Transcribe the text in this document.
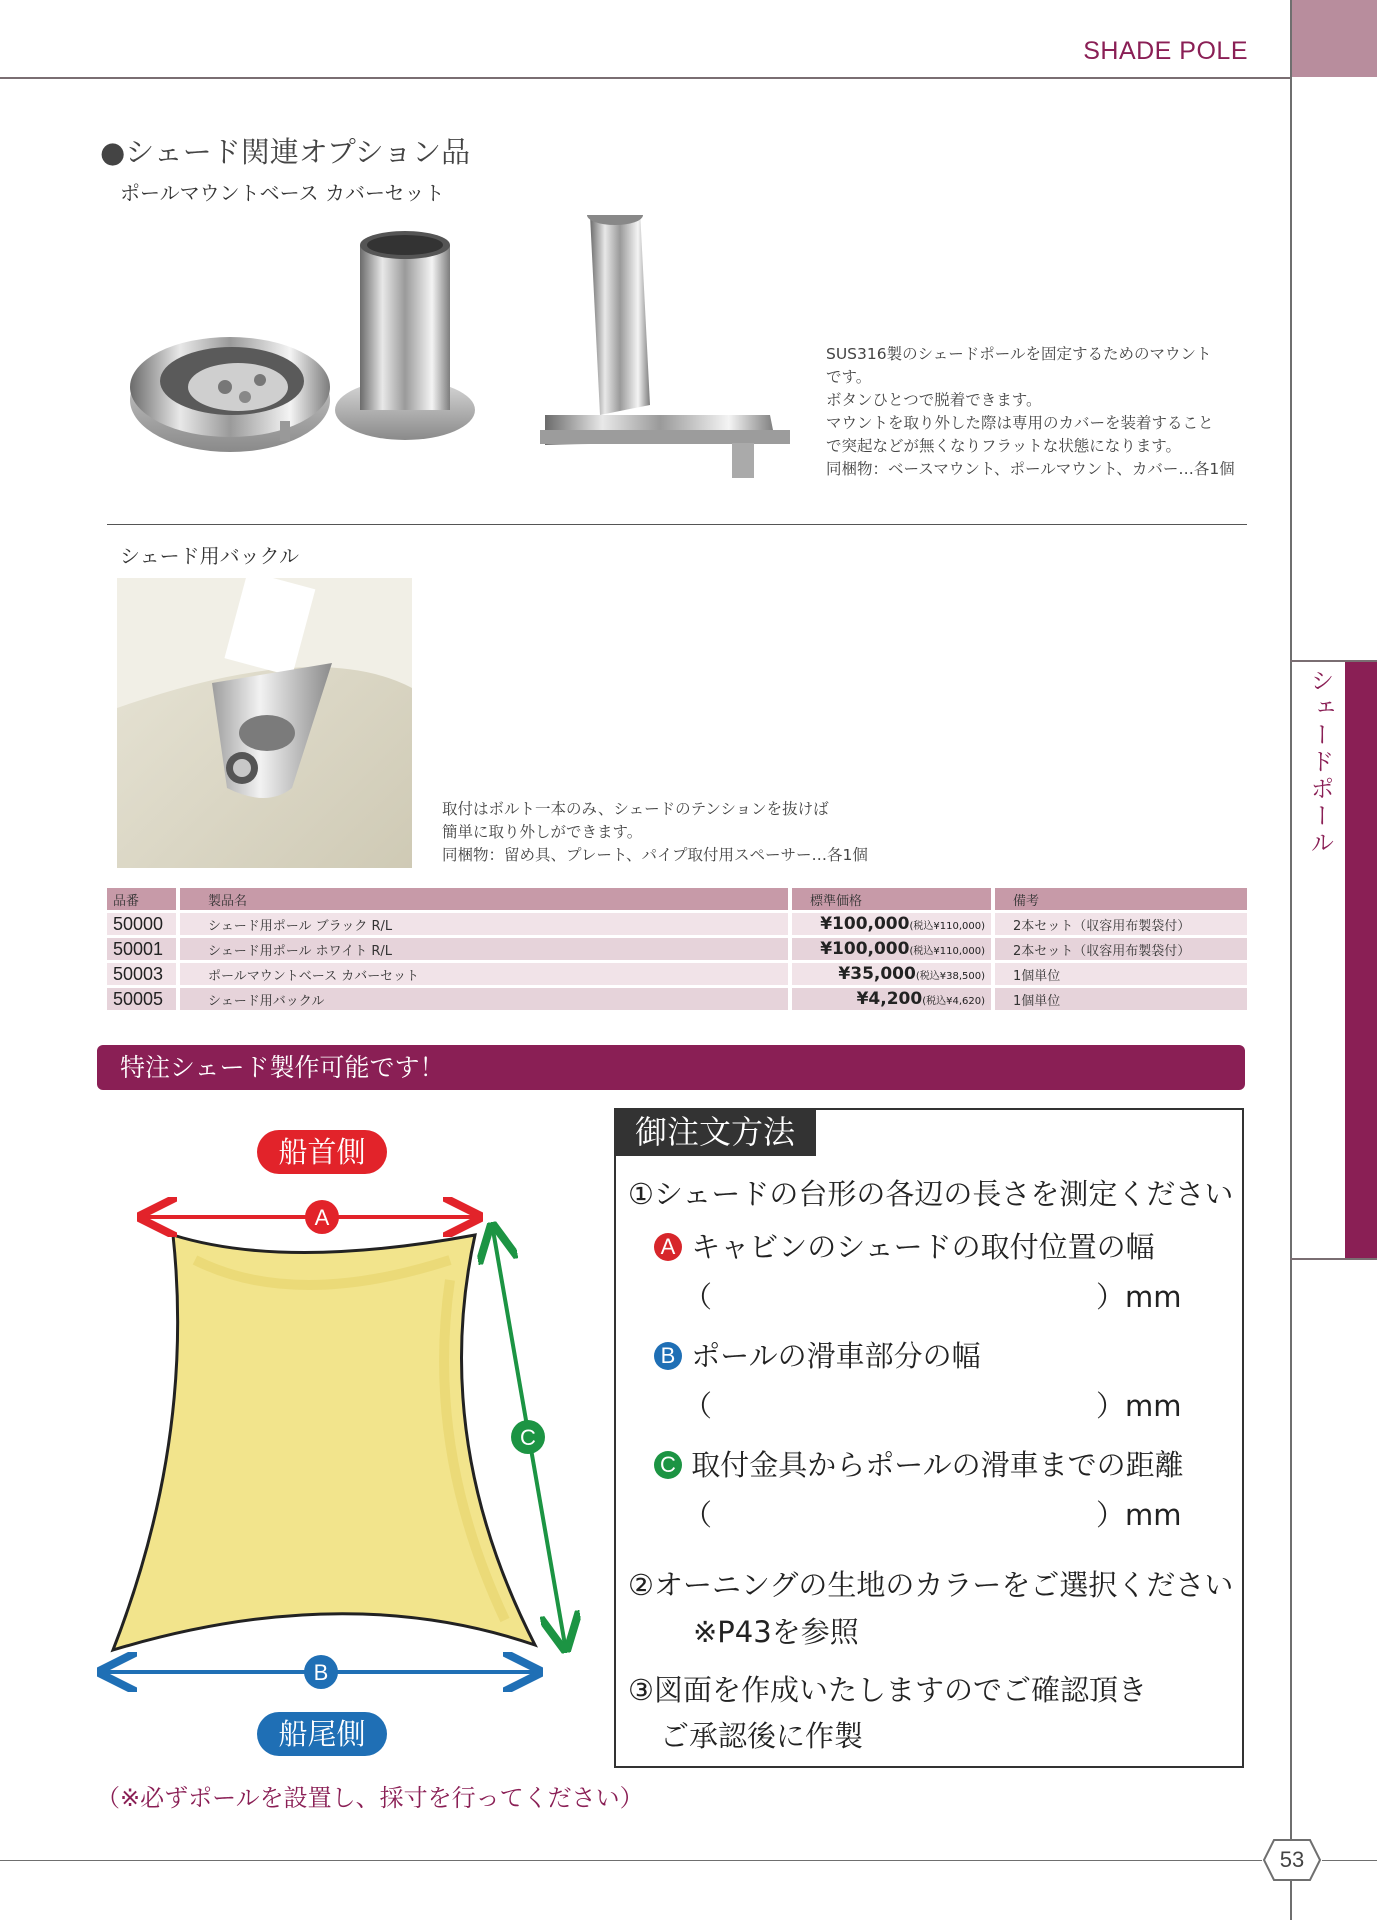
SHADE POLE
シェードポール
●シェード関連オプション品
ポールマウントベース カバーセット
SUS316製のシェードポールを固定するためのマウント
です。
ボタンひとつで脱着できます。
マウントを取り外した際は専用のカバーを装着すること
で突起などが無くなりフラットな状態になります。
同梱物：ベースマウント、ポールマウント、カバー…各1個
シェード用バックル
取付はボルト一本のみ、シェードのテンションを抜けば
簡単に取り外しができます。
同梱物：留め具、プレート、パイプ取付用スペーサー…各1個
品番		製品名		標準価格		備考
50000		シェード用ポール ブラック R/L		¥100,000(税込¥110,000)		2本セット（収容用布製袋付）
50001		シェード用ポール ホワイト R/L		¥100,000(税込¥110,000)		2本セット（収容用布製袋付）
50003		ポールマウントベース カバーセット		¥35,000(税込¥38,500)		1個単位
50005		シェード用バックル		¥4,200(税込¥4,620)		1個単位
特注シェード製作可能です！
船首側
A
C
B
船尾側
（※必ずポールを設置し、採寸を行ってください）
御注文方法
①シェードの台形の各辺の長さを測定ください
A キャビンのシェードの取付位置の幅
（	）mm
B ポールの滑車部分の幅
（	）mm
C 取付金具からポールの滑車までの距離
（	）mm
②オーニングの生地のカラーをご選択ください
※P43を参照
③図面を作成いたしますのでご確認頂き
ご承認後に作製
53
